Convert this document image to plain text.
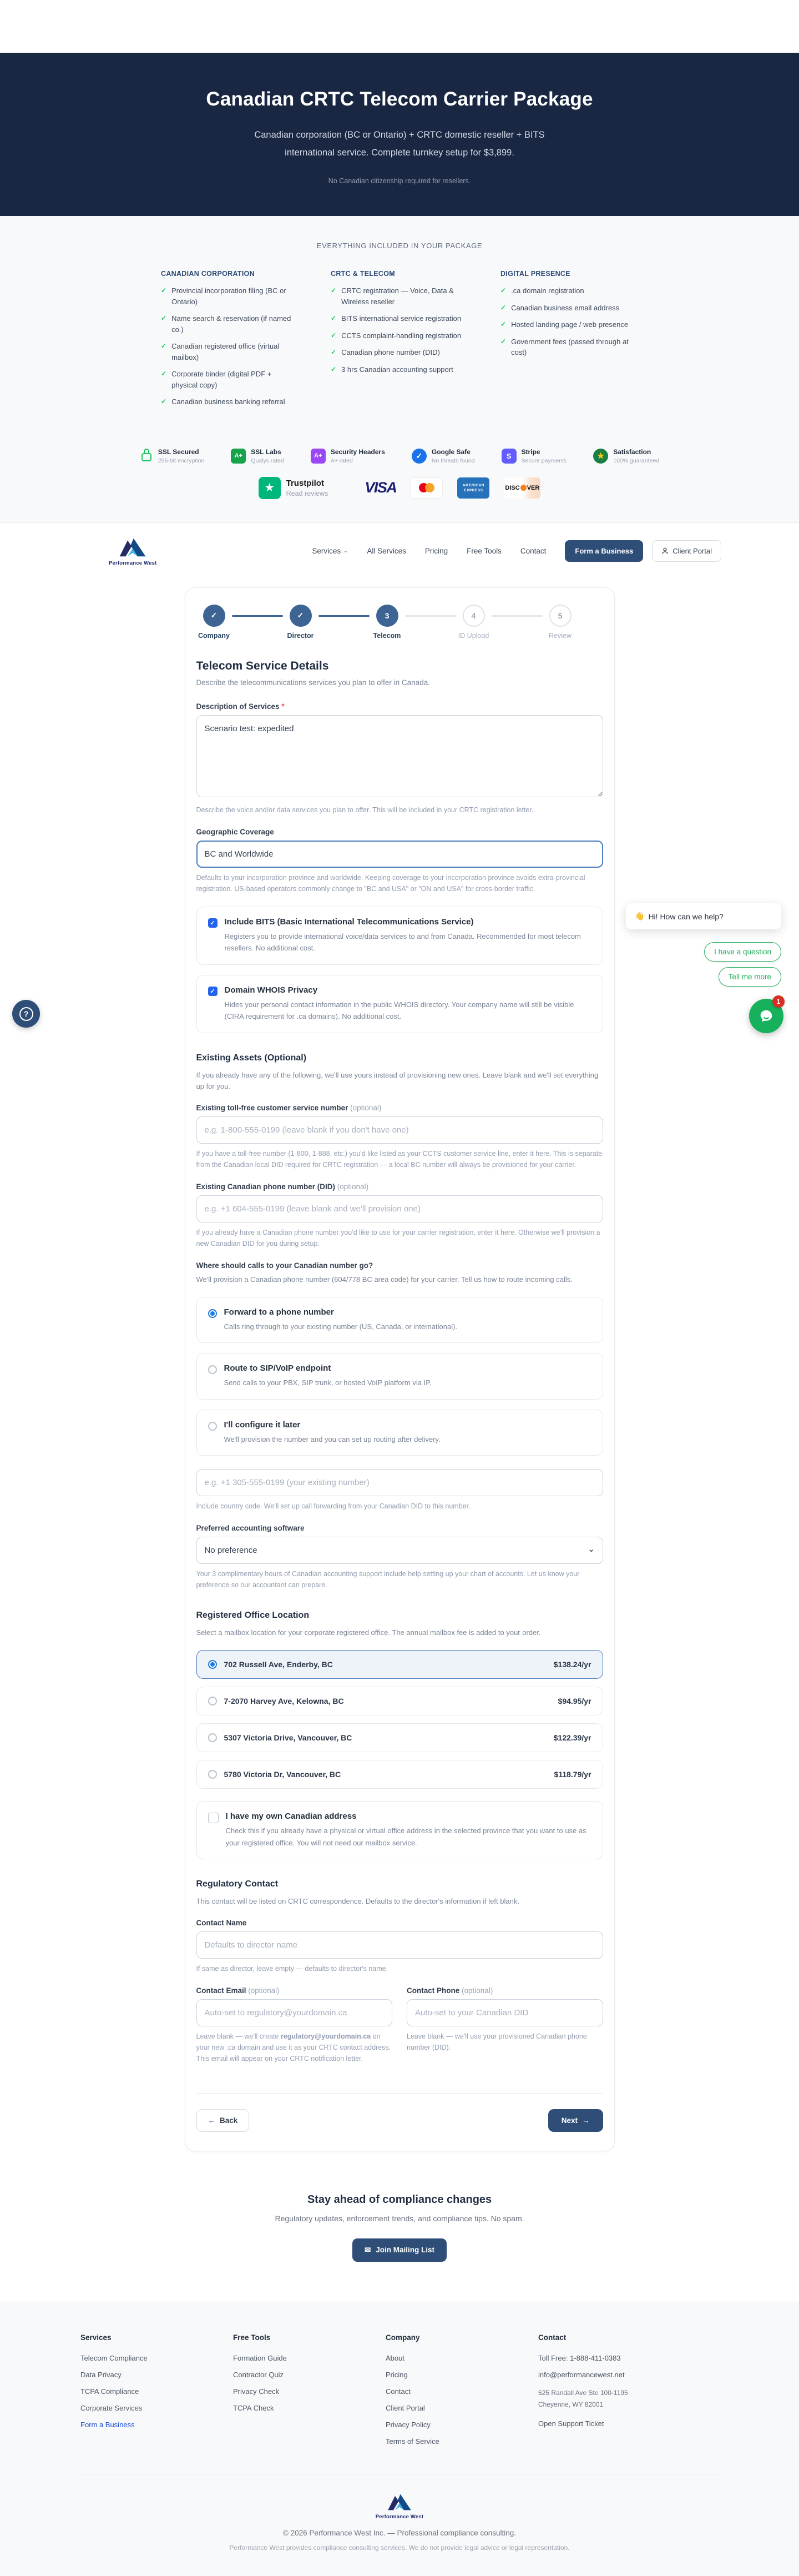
Canadian CRTC Telecom Carrier Package

Canadian corporation (BC or Ontario) + CRTC domestic reseller + BITS international service. Complete turnkey setup for $3,899.

No Canadian citizenship required for resellers.

EVERYTHING INCLUDED IN YOUR PACKAGE
CANADIAN CORPORATION
✓ Provincial incorporation filing (BC or Ontario)
✓ Name search & reservation (if named co.)
✓ Canadian registered office (virtual mailbox)
✓ Corporate binder (digital PDF + physical copy)
✓ Canadian business banking referral
CRTC & TELECOM
✓ CRTC registration — Voice, Data & Wireless reseller
✓ BITS international service registration
✓ CCTS complaint-handling registration
✓ Canadian phone number (DID)
✓ 3 hrs Canadian accounting support
DIGITAL PRESENCE
✓ .ca domain registration
✓ Canadian business email address
✓ Hosted landing page / web presence
✓ Government fees (passed through at cost)
SSL Secured
256-bit encryption
A+
SSL Labs
Qualys rated
A+
Security Headers
A+ rated
✓	Google Safe
No threats found
S	Stripe
Secure payments	★	Satisfaction
100% guaranteed
★	Trustpilot
Read reviews VISA	AMERICAN
EXPRESS	DISC VER
Performance West
Services ⌄	All Services	Pricing	Free Tools	Contact	Form a Business	Client Portal
✓
Company
✓
Director
3
Telecom
4
ID Upload
5
Review
Telecom Service Details

Describe the telecommunications services you plan to offer in Canada.

Description of Services *
Scenario test: expedited

Describe the voice and/or data services you plan to offer. This will be included in your CRTC registration letter.

Geographic Coverage
BC and Worldwide

Defaults to your incorporation province and worldwide. Keeping coverage to your incorporation province avoids extra-provincial registration. US-based operators commonly change to "BC and USA" or "ON and USA" for cross-border traffic.

✓ Include BITS (Basic International Telecommunications Service)
Registers you to provide international voice/data services to and from Canada. Recommended for most telecom resellers. No additional cost.
✓ Domain WHOIS Privacy
Hides your personal contact information in the public WHOIS directory. Your company name will still be visible (CIRA requirement for .ca domains). No additional cost.
Existing Assets (Optional)

If you already have any of the following, we'll use yours instead of provisioning new ones. Leave blank and we'll set everything up for you.

Existing toll-free customer service number (optional)
e.g. 1-800-555-0199 (leave blank if you don't have one)

If you have a toll-free number (1-800, 1-888, etc.) you'd like listed as your CCTS customer service line, enter it here. This is separate from the Canadian local DID required for CRTC registration — a local BC number will always be provisioned for your carrier.

Existing Canadian phone number (DID) (optional)
e.g. +1 604-555-0199 (leave blank and we'll provision one)

If you already have a Canadian phone number you'd like to use for your carrier registration, enter it here. Otherwise we'll provision a new Canadian DID for you during setup.

Where should calls to your Canadian number go?

We'll provision a Canadian phone number (604/778 BC area code) for your carrier. Tell us how to route incoming calls.

Forward to a phone number
Calls ring through to your existing number (US, Canada, or international).
Route to SIP/VoIP endpoint
Send calls to your PBX, SIP trunk, or hosted VoIP platform via IP.
I'll configure it later
We'll provision the number and you can set up routing after delivery.
e.g. +1 305-555-0199 (your existing number)

Include country code. We'll set up call forwarding from your Canadian DID to this number.

Preferred accounting software
No preference	⌄

Your 3 complimentary hours of Canadian accounting support include help setting up your chart of accounts. Let us know your preference so our accountant can prepare.

Registered Office Location

Select a mailbox location for your corporate registered office. The annual mailbox fee is added to your order.

702 Russell Ave, Enderby, BC	$138.24/yr
7-2070 Harvey Ave, Kelowna, BC	$94.95/yr
5307 Victoria Drive, Vancouver, BC	$122.39/yr
5780 Victoria Dr, Vancouver, BC	$118.79/yr
I have my own Canadian address
Check this if you already have a physical or virtual office address in the selected province that you want to use as your registered office. You will not need our mailbox service.
Regulatory Contact

This contact will be listed on CRTC correspondence. Defaults to the director's information if left blank.

Contact Name
Defaults to director name

If same as director, leave empty — defaults to director's name.

Contact Email (optional)
Auto-set to regulatory@yourdomain.ca

Leave blank — we'll create regulatory@yourdomain.ca on your new .ca domain and use it as your CRTC contact address. This email will appear on your CRTC notification letter.

Contact Phone (optional)
Auto-set to your Canadian DID

Leave blank — we'll use your provisioned Canadian phone number (DID).

← Back	Next →
Stay ahead of compliance changes

Regulatory updates, enforcement trends, and compliance tips. No spam.

✉ Join Mailing List
Services
Telecom Compliance
Data Privacy
TCPA Compliance
Corporate Services
Form a Business
Free Tools
Formation Guide
Contractor Quiz
Privacy Check
TCPA Check
Company
About
Pricing
Contact
Client Portal
Privacy Policy
Terms of Service
Contact
Toll Free: 1-888-411-0383
info@performancewest.net
525 Randall Ave Ste 100-1195
Cheyenne, WY 82001
Open Support Ticket
Performance West
© 2026 Performance West Inc. — Professional compliance consulting.
Performance West provides compliance consulting services. We do not provide legal advice or legal representation.
?
👋 Hi! How can we help?
I have a question
Tell me more
1
